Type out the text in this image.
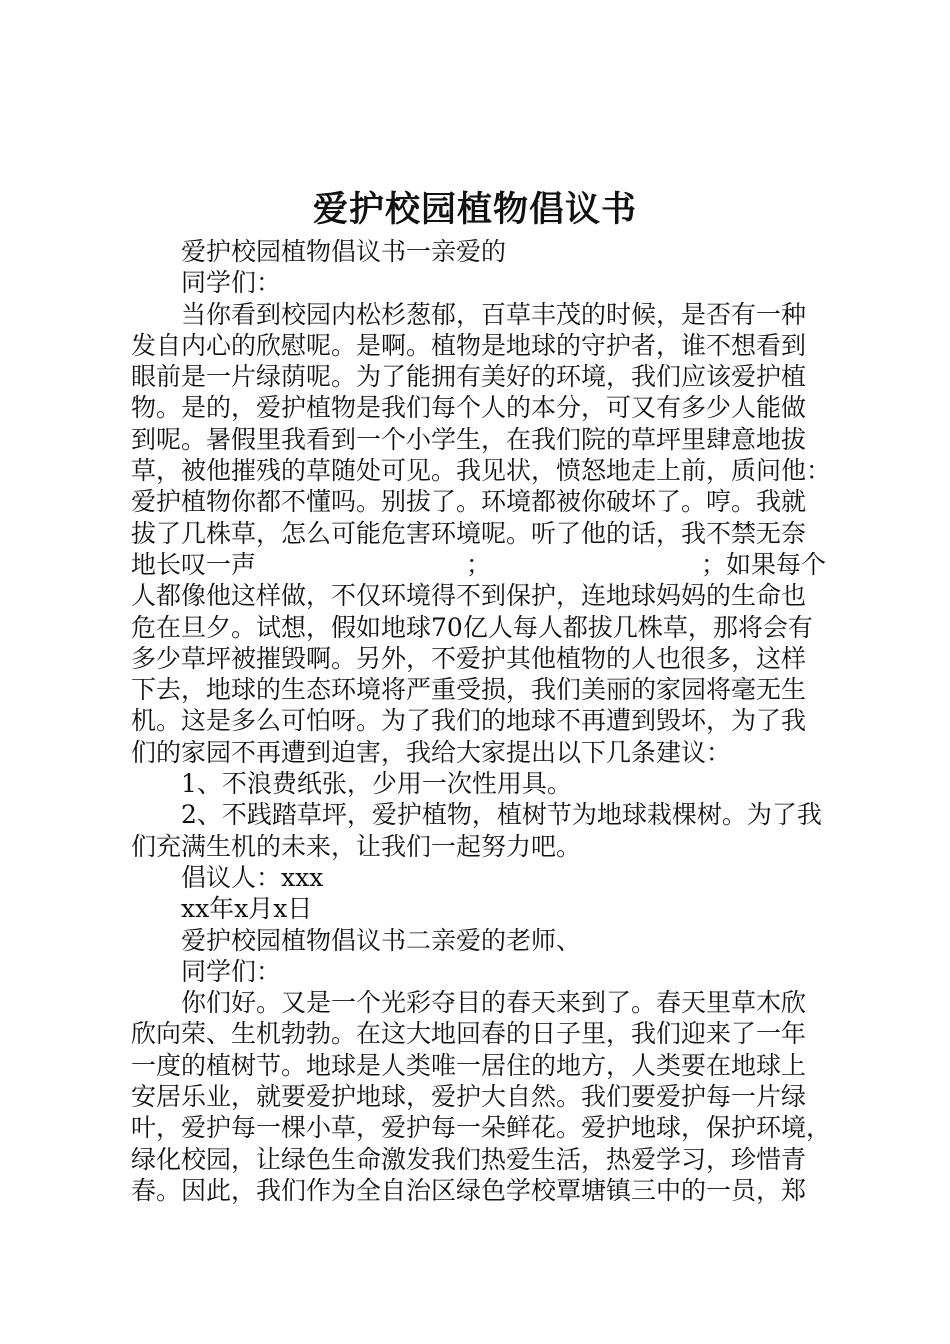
爱护校园植物倡议书

爱护校园植物倡议书一亲爱的

同学们：

当你看到校园内松杉葱郁，百草丰茂的时候，是否有一种

发自内心的欣慰呢。是啊。植物是地球的守护者，谁不想看到

眼前是一片绿荫呢。为了能拥有美好的环境，我们应该爱护植

物。是的，爱护植物是我们每个人的本分，可又有多少人能做

到呢。暑假里我看到一个小学生，在我们院的草坪里肆意地拔

草，被他摧残的草随处可见。我见状，愤怒地走上前，质问他：

爱护植物你都不懂吗。别拔了。环境都被你破坏了。哼。我就

拔了几株草，怎么可能危害环境呢。听了他的话，我不禁无奈

地长叹一声	；	；如果每个

人都像他这样做，不仅环境得不到保护，连地球妈妈的生命也

危在旦夕。试想，假如地球70亿人每人都拔几株草，那将会有

多少草坪被摧毁啊。另外，不爱护其他植物的人也很多，这样

下去，地球的生态环境将严重受损，我们美丽的家园将毫无生

机。这是多么可怕呀。为了我们的地球不再遭到毁坏，为了我

们的家园不再遭到迫害，我给大家提出以下几条建议：

1、不浪费纸张，少用一次性用具。

2、不践踏草坪，爱护植物，植树节为地球栽棵树。为了我

们充满生机的未来，让我们一起努力吧。

倡议人：xxx

xx年x月x日

爱护校园植物倡议书二亲爱的老师、

同学们：

你们好。又是一个光彩夺目的春天来到了。春天里草木欣

欣向荣、生机勃勃。在这大地回春的日子里，我们迎来了一年

一度的植树节。地球是人类唯一居住的地方，人类要在地球上

安居乐业，就要爱护地球，爱护大自然。我们要爱护每一片绿

叶，爱护每一棵小草，爱护每一朵鲜花。爱护地球，保护环境，

绿化校园，让绿色生命激发我们热爱生活，热爱学习，珍惜青

春。因此，我们作为全自治区绿色学校覃塘镇三中的一员，郑
